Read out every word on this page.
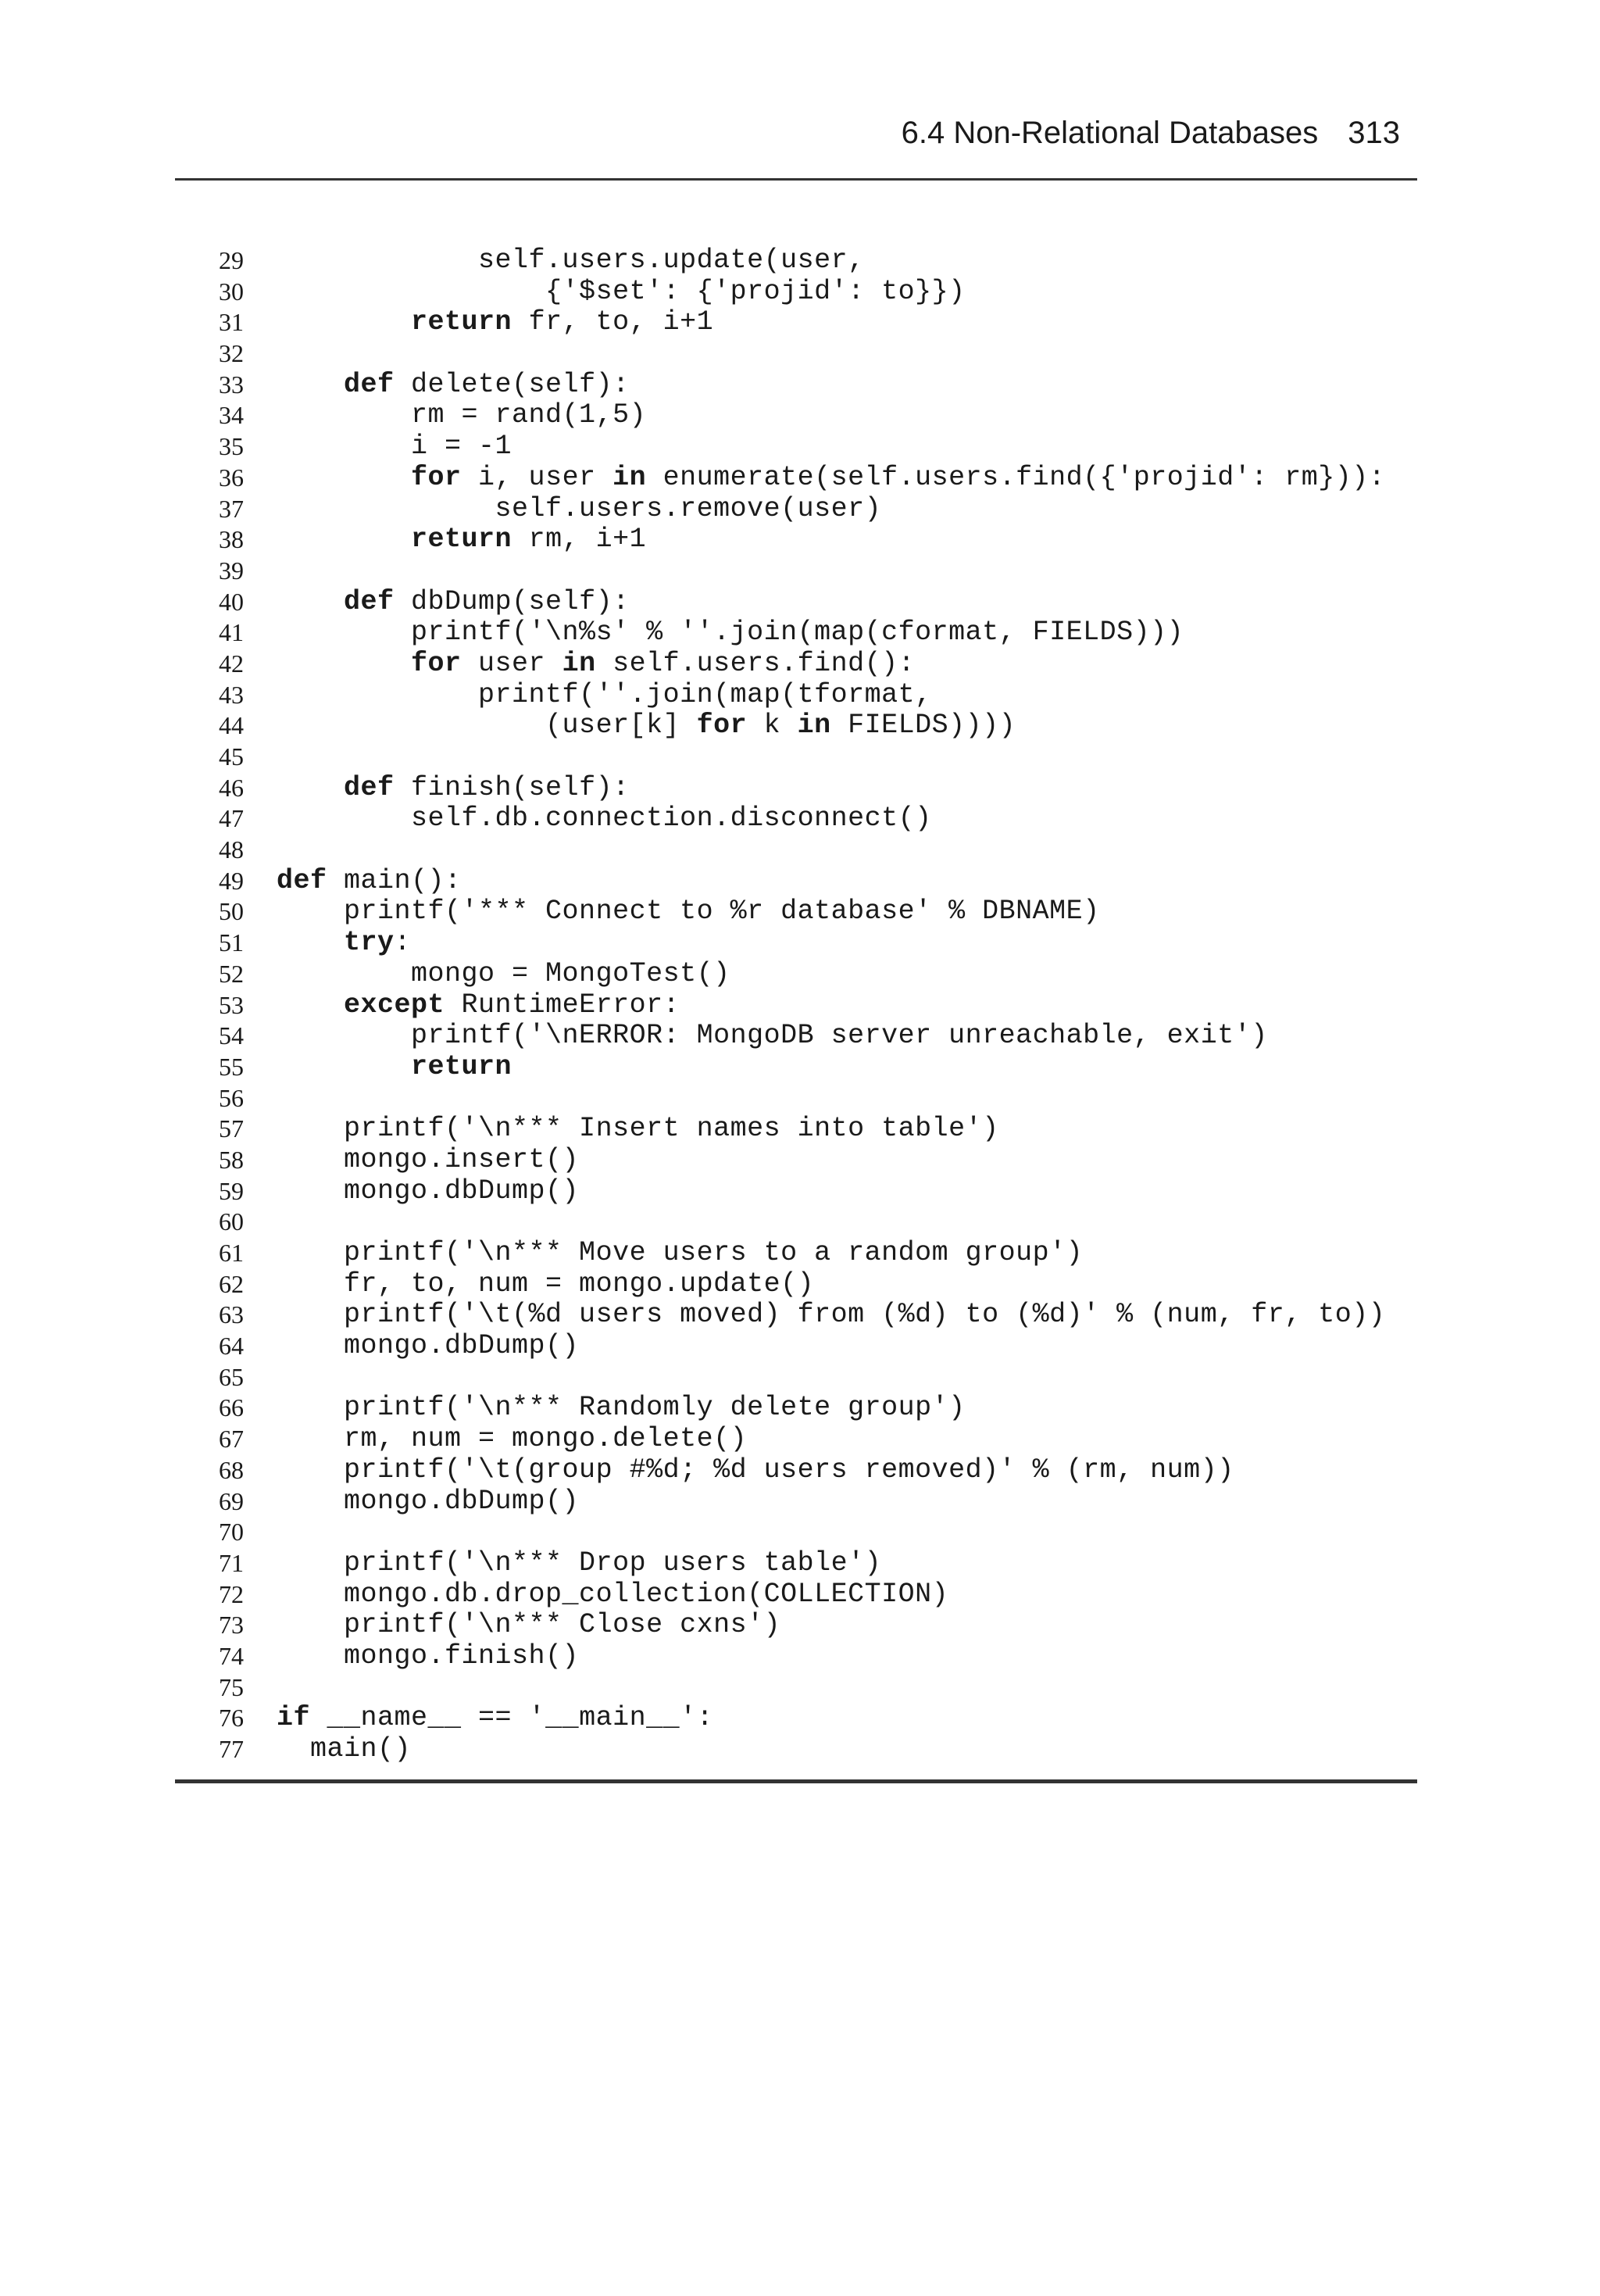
6.4 Non-Relational Databases 313
29 self.users.update(user,
30 {'$set': {'projid': to}})
31	return fr, to, i+1
32
33	def delete(self):
34 rm = rand(1,5)
35 i = -1
36	for i, user in enumerate(self.users.find({'projid': rm})):
37 self.users.remove(user)
38	return rm, i+1
39
40	def dbDump(self):
41 printf('\n%s' % ''.join(map(cformat, FIELDS)))
42	for user in self.users.find():
43 printf(''.join(map(tformat,
44 (user[k] for k in FIELDS))))
45
46	def finish(self):
47 self.db.connection.disconnect()
48
49 def main():
50 printf('*** Connect to %r database' % DBNAME)
51	try:
52 mongo = MongoTest()
53	except RuntimeError:
54 printf('\nERROR: MongoDB server unreachable, exit')
55	return
56
57 printf('\n*** Insert names into table')
58 mongo.insert()
59 mongo.dbDump()
60
61 printf('\n*** Move users to a random group')
62 fr, to, num = mongo.update()
63 printf('\t(%d users moved) from (%d) to (%d)' % (num, fr, to))
64 mongo.dbDump()
65
66 printf('\n*** Randomly delete group')
67 rm, num = mongo.delete()
68 printf('\t(group #%d; %d users removed)' % (rm, num))
69 mongo.dbDump()
70
71 printf('\n*** Drop users table')
72 mongo.db.drop_collection(COLLECTION)
73 printf('\n*** Close cxns')
74 mongo.finish()
75
76 if __name__ == '__main__':
77 main()
